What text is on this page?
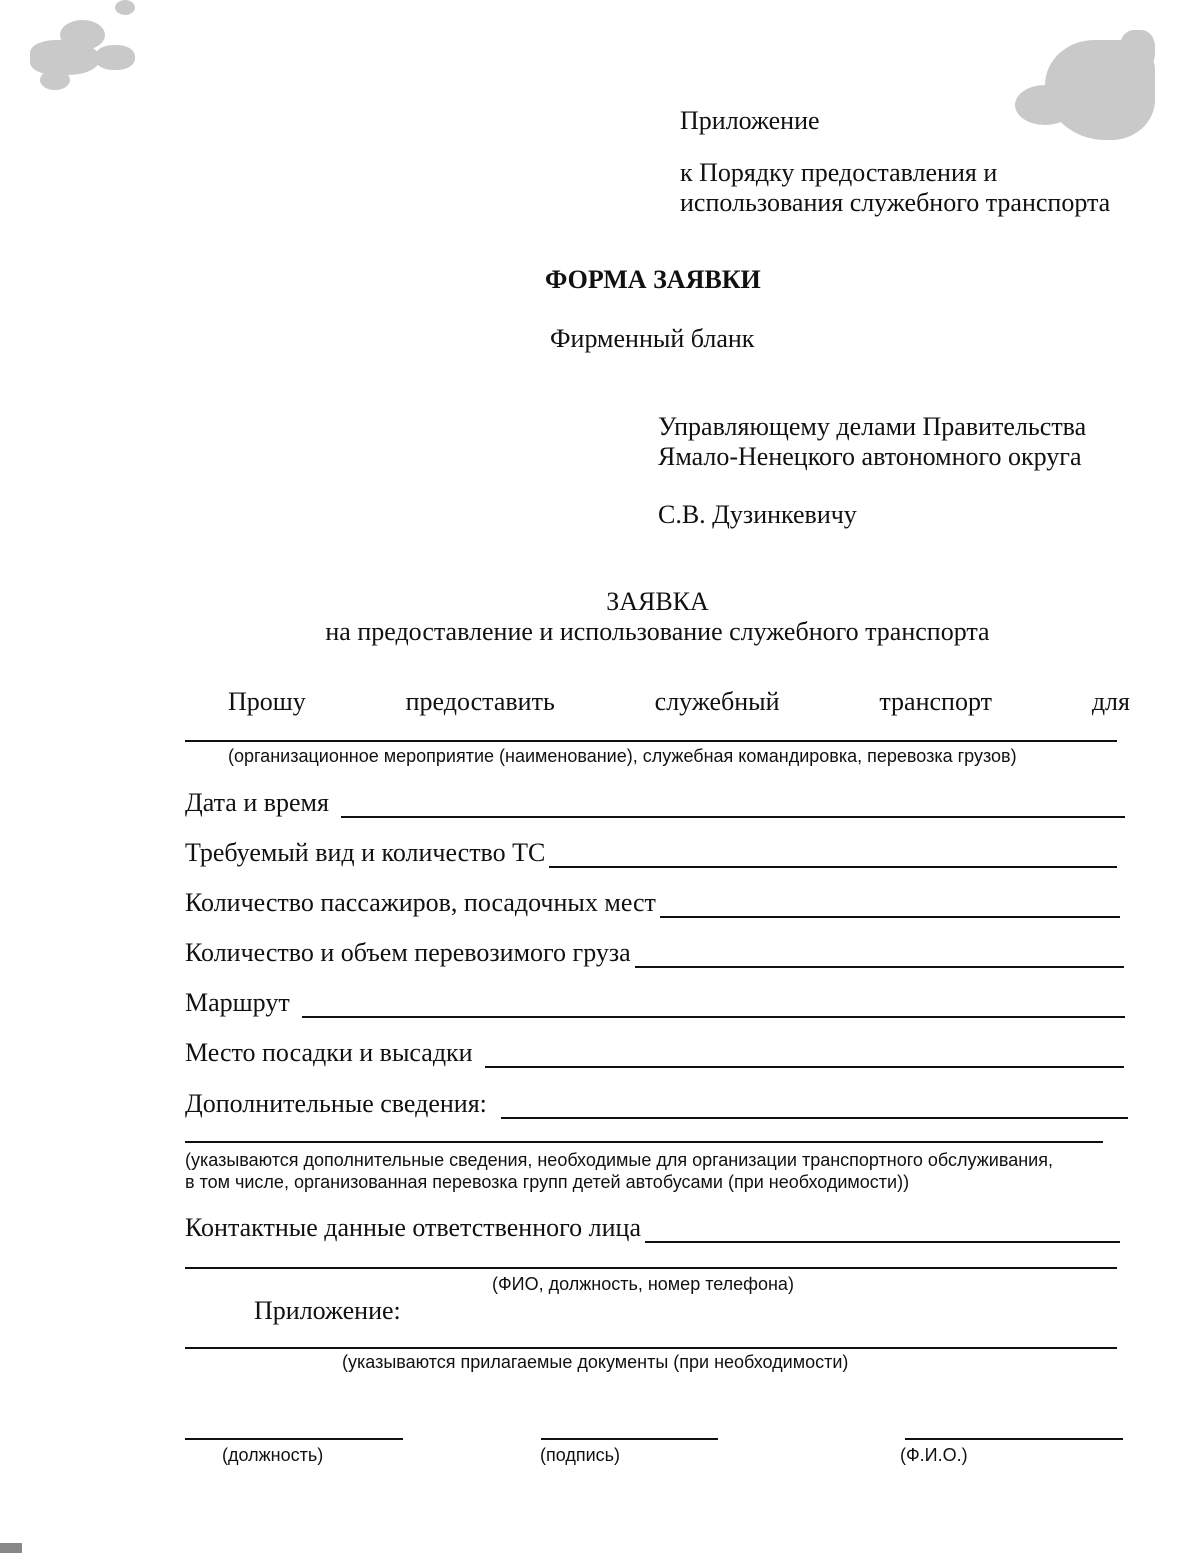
Приложение
к Порядку предоставления и
использования служебного транспорта
ФОРМА ЗАЯВКИ
Фирменный бланк
Управляющему делами Правительства
Ямало-Ненецкого автономного округа
С.В. Дузинкевичу
ЗАЯВКА
на предоставление и использование служебного транспорта
Прошу	предоставить	служебный	транспорт	для
(организационное мероприятие (наименование), служебная командировка, перевозка грузов)
Дата и время
Требуемый вид и количество ТС
Количество пассажиров, посадочных мест
Количество и объем перевозимого груза
Маршрут
Место посадки и высадки
Дополнительные сведения:
(указываются дополнительные сведения, необходимые для организации транспортного обслуживания,
в том числе, организованная перевозка групп детей автобусами (при необходимости))
Контактные данные ответственного лица
(ФИО, должность, номер телефона)
Приложение:
(указываются прилагаемые документы (при необходимости)
(должность)	(подпись)	(Ф.И.О.)
